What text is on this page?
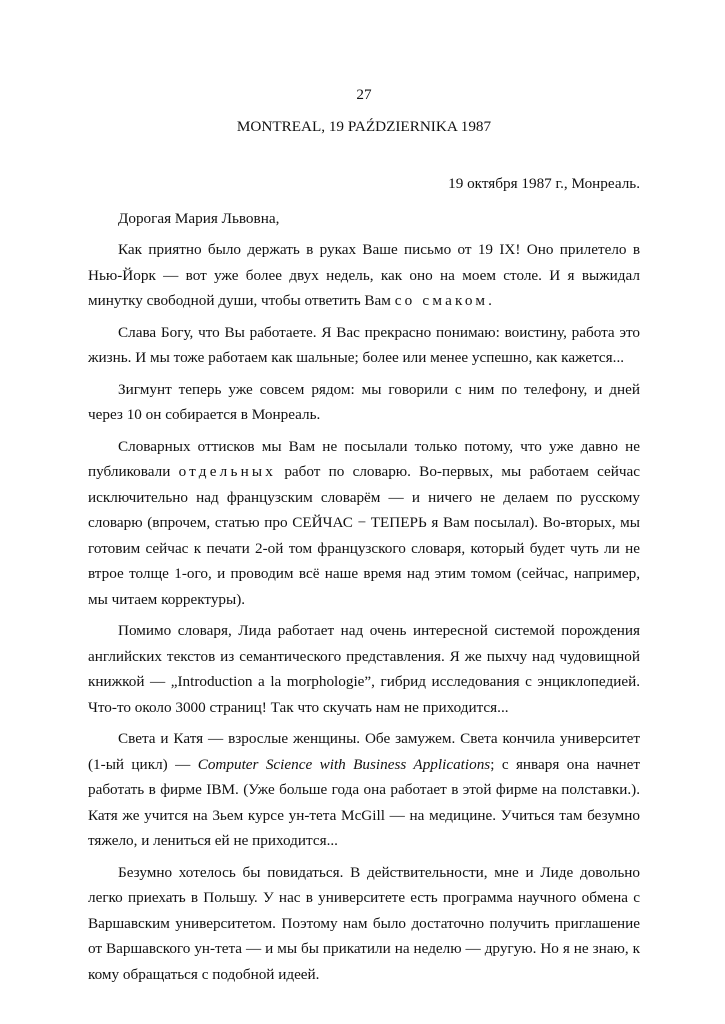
27
MONTREAL, 19 PAŹDZIERNIKA 1987
19 октября 1987 г., Монреаль.
Дорогая Мария Львовна,

Как приятно было держать в руках Ваше письмо от 19 IX! Оно прилетело в Нью-Йорк — вот уже более двух недель, как оно на моем столе. И я выжидал минутку свободной души, чтобы ответить Вам со смаком.

Слава Богу, что Вы работаете. Я Вас прекрасно понимаю: воистину, работа это жизнь. И мы тоже работаем как шальные; более или менее успешно, как кажется...

Зигмунт теперь уже совсем рядом: мы говорили с ним по телефону, и дней через 10 он собирается в Монреаль.

Словарных оттисков мы Вам не посылали только потому, что уже давно не публиковали отдельных работ по словарю. Во-первых, мы работаем сейчас исключительно над французским словарём — и ничего не делаем по русскому словарю (впрочем, статью про СЕЙЧАС − ТЕПЕРЬ я Вам посылал). Во-вторых, мы готовим сейчас к печати 2-ой том французского словаря, который будет чуть ли не втрое толще 1-ого, и проводим всё наше время над этим томом (сейчас, например, мы читаем корректуры).

Помимо словаря, Лида работает над очень интересной системой порождения английских текстов из семантического представления. Я же пыхчу над чудовищной книжкой — „Introduction a la morphologie”, гибрид исследования с энциклопедией. Что-то около 3000 страниц! Так что скучать нам не приходится...

Света и Катя — взрослые женщины. Обе замужем. Света кончила университет (1-ый цикл) — Computer Science with Business Applications; с января она начнет работать в фирме IBM. (Уже больше года она работает в этой фирме на полставки.). Катя же учится на 3ьем курсе ун-тета McGill — на медицине. Учиться там безумно тяжело, и лениться ей не приходится...

Безумно хотелось бы повидаться. В действительности, мне и Лиде довольно легко приехать в Польшу. У нас в университете есть программа научного обмена с Варшавским университетом. Поэтому нам было достаточно получить приглашение от Варшавского ун-тета — и мы бы прикатили на неделю — другую. Но я не знаю, к кому обращаться с подобной идеей.
